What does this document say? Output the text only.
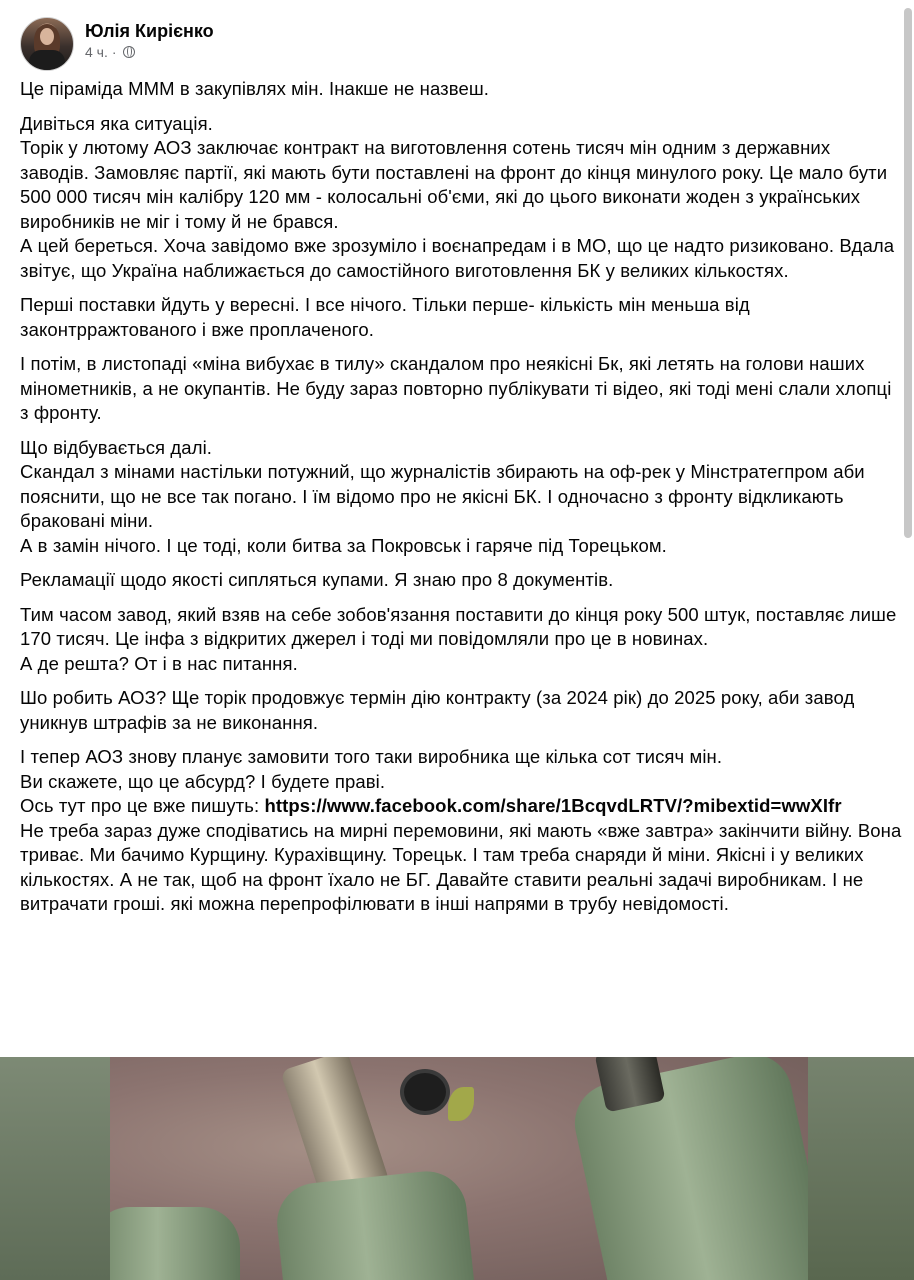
Юлія Кирієнко
4 ч. ·

Це піраміда МММ в закупівлях мін. Інакше не назвеш.

Дивіться яка ситуація.
Торік у лютому АОЗ заключає контракт на виготовлення сотень тисяч мін одним з державних заводів. Замовляє партії, які мають бути поставлені на фронт до кінця минулого року. Це мало бути 500 000 тисяч мін калібру 120 мм - колосальні об'єми, які до цього виконати жоден з українських виробників не міг і тому й не брався.
А цей береться. Хоча завідомо вже зрозуміло і воєнапредам і в МО, що це надто ризиковано. Вдала звітує, що Україна наближається до самостійного виготовлення БК у великих кількостях.

Перші поставки йдуть у вересні. І все нічого. Тільки перше- кількість мін меньша від законтрражтованого і вже проплаченого.

І потім, в листопаді «міна вибухає в тилу» скандалом про неякісні Бк, які летять на голови наших мінометників, а не окупантів. Не буду зараз повторно публікувати ті відео, які тоді мені слали хлопці з фронту.

Що відбувається далі.
Скандал з мінами настільки потужний, що журналістів збирають на оф-рек у Мінстратегпром аби пояснити, що не все так погано. І їм відомо про не якісні БК. І одночасно з фронту відкликають браковані міни.
А в замін нічого. І це тоді, коли битва за Покровськ і гаряче під Торецьком.

Рекламації щодо якості сипляться купами. Я знаю про 8 документів.

Тим часом завод, який взяв на себе зобов'язання поставити до кінця року 500 штук, поставляє лише 170 тисяч. Це інфа з відкритих джерел і тоді ми повідомляли про це в новинах.
А де решта? От і в нас питання.

Шо робить АОЗ? Ще торік продовжує термін дію контракту (за 2024 рік) до 2025 року, аби завод уникнув штрафів за не виконання.

І тепер АОЗ знову планує замовити того таки виробника ще кілька сот тисяч мін.
Ви скажете, що це абсурд? І будете праві.
Ось тут про це вже пишуть: https://www.facebook.com/share/1BcqvdLRTV/?mibextid=wwXIfr
Не треба зараз дуже сподіватись на мирні перемовини, які мають «вже завтра» закінчити війну. Вона триває. Ми бачимо Курщину. Курахівщину. Торецьк. І там треба снаряди й міни. Якісні і у великих кількостях. А не так, щоб на фронт їхало не БГ. Давайте ставити реальні задачі виробникам. І не витрачати гроші. які можна перепрофілювати в інші напрями в трубу невідомості.
